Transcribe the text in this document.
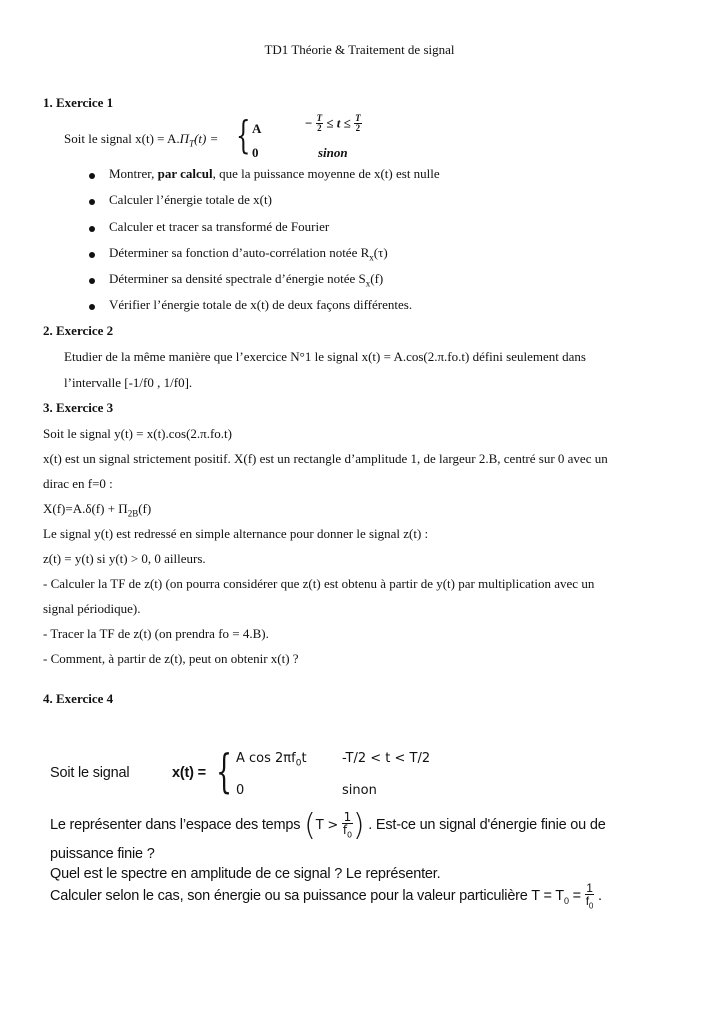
TD1 Théorie & Traitement de signal
1. Exercice 1
Soit le signal $x(t) = A.\Pi_T(t)$ = { A	− $\frac{T}{2} \le t \le \frac{T}{2}$
0	sinon
Montrer, par calcul, que la puissance moyenne de x(t) est nulle
Calculer l’énergie totale de x(t)
Calculer et tracer sa transformé de Fourier
Déterminer sa fonction d’auto-corrélation notée $R_x(\tau)$
Déterminer sa densité spectrale d’énergie notée $S_x(f)$
Vérifier l’énergie totale de x(t) de deux façons différentes.
2. Exercice 2
Etudier de la même manière que l’exercice N°1 le signal x(t) = A.cos(2.π.fo.t) défini seulement dans
l’intervalle [-1/f0 , 1/f0].
3. Exercice 3
Soit le signal y(t) = x(t).cos(2.π.fo.t)
x(t) est un signal strictement positif. X(f) est un rectangle d’amplitude 1, de largeur 2.B, centré sur 0 avec un
dirac en f=0 :
$X(f)=A.\delta(f) + \Pi_{2B}(f)$
Le signal y(t) est redressé en simple alternance pour donner le signal z(t) :
z(t) = y(t) si y(t) > 0, 0 ailleurs.
- Calculer la TF de z(t) (on pourra considérer que z(t) est obtenu à partir de y(t) par multiplication avec un
signal périodique).
- Tracer la TF de z(t) (on prendra fo = 4.B).
- Comment, à partir de z(t), peut on obtenir x(t) ?
4. Exercice 4
Soit le signal	x(t) = { A $\cos 2\pi f_0t$	-T/2 < t < T/2
0	sinon
Le représenter dans l’espace des temps ($T > \frac{1}{f_0}$ ) . Est-ce un signal d'énergie finie ou de
puissance finie ?
Quel est le spectre en amplitude de ce signal ? Le représenter.
Calculer selon le cas, son énergie ou sa puissance pour la valeur particulière $T = T_0 = \frac{1}{f_0}$ .
